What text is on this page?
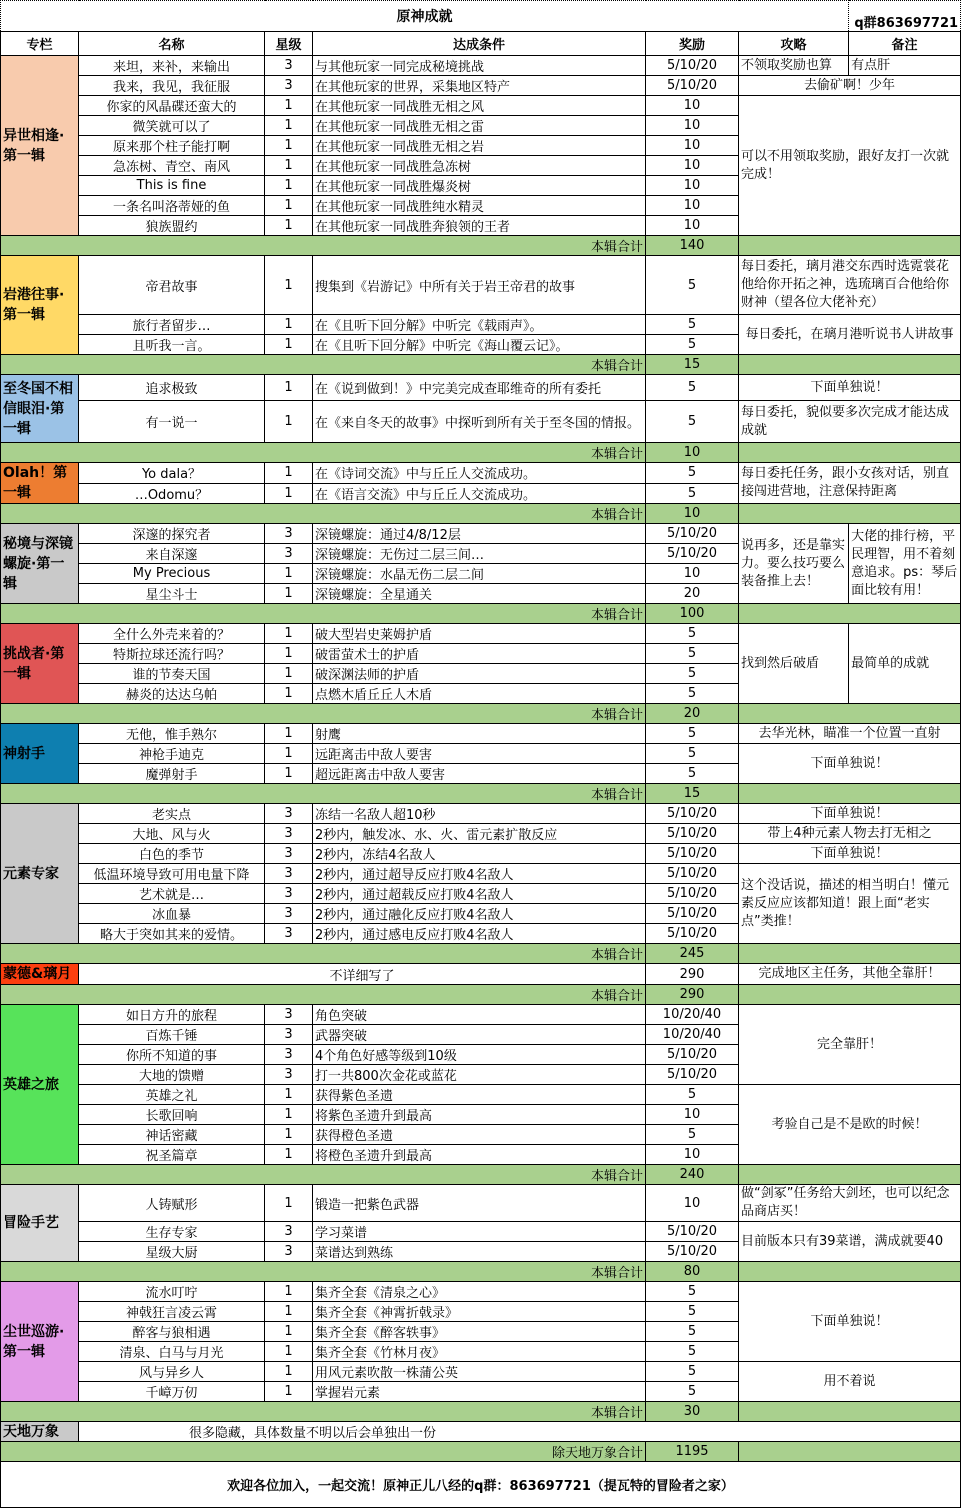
原神成就						q群863697721
专栏	名称	星级	达成条件	奖励	攻略	备注
异世相逢·第一辑	来坦，来补，来输出	3	与其他玩家一同完成秘境挑战	5/10/20	不领取奖励也算	有点肝

	我来，我见，我征服	3	在其他玩家的世界，采集地区特产	5/10/20	去偷矿啊！少年	

	你家的风晶碟还蛮大的	1	在其他玩家一同战胜无相之风	10	可以不用领取奖励，跟好友打一次就完成！	

	微笑就可以了	1	在其他玩家一同战胜无相之雷	10		
	原来那个柱子能打啊	1	在其他玩家一同战胜无相之岩	10		
	急冻树、青空、南风	1	在其他玩家一同战胜急冻树	10		
	This is fine	1	在其他玩家一同战胜爆炎树	10		
	一条名叫洛蒂娅的鱼	1	在其他玩家一同战胜纯水精灵	10		
	狼族盟约	1	在其他玩家一同战胜奔狼领的王者	10		
本辑合计				140		
岩港往事·第一辑	帝君故事	1	搜集到《岩游记》中所有关于岩王帝君的故事	5	每日委托，璃月港交东西时选霓裳花他给你开拓之神，选琉璃百合他给你财神（望各位大佬补充）	

	旅行者留步…	1	在《且听下回分解》中听完《载雨声》。	5	每日委托，在璃月港听说书人讲故事	

	且听我一言。	1	在《且听下回分解》中听完《海山覆云记》。	5		
本辑合计				15		
至冬国不相信眼泪·第一辑	追求极致	1	在《说到做到！》中完美完成查耶维奇的所有委托	5	下面单独说！	

	有一说一	1	在《来自冬天的故事》中探听到所有关于至冬国的情报。	5	每日委托，貌似要多次完成才能达成成就	

本辑合计				10		
Olah！第一辑	Yo dala？	1	在《诗词交流》中与丘丘人交流成功。	5	每日委托任务，跟小女孩对话，别直接闯进营地，注意保持距离	

	…Odomu？	1	在《语言交流》中与丘丘人交流成功。	5		
本辑合计				10		
秘境与深镜螺旋·第一辑	深邃的探究者	3	深镜螺旋：通过4/8/12层	5/10/20	说再多，还是靠实力。要么技巧要么装备推上去！	大佬的排行榜，平民理智，用不着刻意追求。ps：琴后面比较有用！

	来自深邃	3	深镜螺旋：无伤过二层三间…	5/10/20		
	My Precious	1	深镜螺旋：水晶无伤二层二间	10		
	星尘斗士	1	深镜螺旋：全星通关	20		
本辑合计				100		
挑战者·第一辑	全什么外壳来着的？	1	破大型岩史莱姆护盾	5	找到然后破盾	最简单的成就

	特斯拉球还流行吗？	1	破雷萤术士的护盾	5		
	谁的节奏天国	1	破深渊法师的护盾	5		
	赫炎的达达乌帕	1	点燃木盾丘丘人木盾	5		
本辑合计				20		
神射手	无他，惟手熟尔	1	射鹰	5	去华光林，瞄准一个位置一直射	

	神枪手迪克	1	远距离击中敌人要害	5	下面单独说！	

	魔弹射手	1	超远距离击中敌人要害	5		
本辑合计				15		
元素专家	老实点	3	冻结一名敌人超10秒	5/10/20	下面单独说！	

	大地、风与火	3	2秒内，触发冰、水、火、雷元素扩散反应	5/10/20	带上4种元素人物去打无相之	

	白色的季节	3	2秒内，冻结4名敌人	5/10/20	下面单独说！	

	低温环境导致可用电量下降	3	2秒内，通过超导反应打败4名敌人	5/10/20	这个没话说，描述的相当明白！懂元素反应应该都知道！跟上面“老实点”类推！	

	艺术就是…	3	2秒内，通过超载反应打败4名敌人	5/10/20		
	冰血暴	3	2秒内，通过融化反应打败4名敌人	5/10/20		
	略大于突如其来的爱情。	3	2秒内，通过感电反应打败4名敌人	5/10/20		
本辑合计				245		
蒙德&璃月	不详细写了			290	完成地区主任务，其他全靠肝！	

本辑合计				290		
英雄之旅	如日方升的旅程	3	角色突破	10/20/40	完全靠肝！	

	百炼千锤	3	武器突破	10/20/40		
	你所不知道的事	3	4个角色好感等级到10级	5/10/20		
	大地的馈赠	3	打一共800次金花或蓝花	5/10/20		
	英雄之礼	1	获得紫色圣遗	5	考验自己是不是欧的时候！	

	长歌回响	1	将紫色圣遗升到最高	10		
	神话密藏	1	获得橙色圣遗	5		
	祝圣篇章	1	将橙色圣遗升到最高	10		
本辑合计				240		
冒险手艺	人铸赋形	1	锻造一把紫色武器	10	做“剑冢”任务给大剑坯，也可以纪念品商店买！	

	生存专家	3	学习菜谱	5/10/20	目前版本只有39菜谱，满成就要40	

	星级大厨	3	菜谱达到熟练	5/10/20		
本辑合计				80		
尘世巡游·第一辑	流水叮咛	1	集齐全套《清泉之心》	5	下面单独说！	

	神戟狂言凌云霄	1	集齐全套《神霄折戟录》	5		
	醉客与狼相遇	1	集齐全套《醉客轶事》	5		
	清泉、白马与月光	1	集齐全套《竹林月夜》	5		
	风与异乡人	1	用风元素吹散一株蒲公英	5	用不着说	

	千嶂万仞	1	掌握岩元素	5		
本辑合计				30		
天地万象	很多隐藏，具体数量不明以后会单独出一份					
除天地万象合计				1195		
欢迎各位加入，一起交流！原神正儿八经的q群：863697721（提瓦特的冒险者之家）						
